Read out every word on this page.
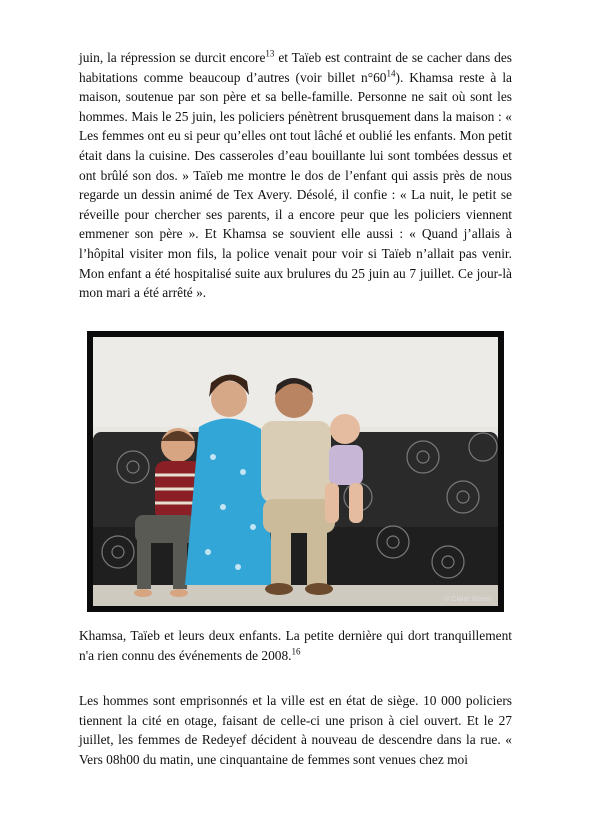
juin, la répression se durcit encore$^{13}$ et Taïeb est contraint de se cacher dans des habitations comme beaucoup d’autres (voir billet $n^\circ 60^{14}$). Khamsa reste à la maison, soutenue par son père et sa belle-famille. Personne ne sait où sont les hommes. Mais le 25 juin, les policiers pénètrent brusquement dans la maison : « Les femmes ont eu si peur qu’elles ont tout lâché et oublié les enfants. Mon petit était dans la cuisine. Des casseroles d’eau bouillante lui sont tombées dessus et ont brûlé son dos. » Taïeb me montre le dos de l’enfant qui assis près de nous regarde un dessin animé de Tex Avery. Désolé, il confie : « La nuit, le petit se réveille pour chercher ses parents, il a encore peur que les policiers viennent emmener son père ». Et Khamsa se souvient elle aussi : « Quand j’allais à l’hôpital visiter mon fils, la police venait pour voir si Taïeb n’allait pas venir. Mon enfant a été hospitalisé suite aux brulures du 25 juin au 7 juillet. Ce jour-là mon mari a été arrêté ».

© Claire Waren

Khamsa, Taïeb et leurs deux enfants. La petite dernière qui dort tranquillement n'a rien connu des événements de 2008.16

Les hommes sont emprisonnés et la ville est en état de siège. 10 000 policiers tiennent la cité en otage, faisant de celle-ci une prison à ciel ouvert. Et le 27 juillet, les femmes de Redeyef décident à nouveau de descendre dans la rue. « Vers 08h00 du matin, une cinquantaine de femmes sont venues chez moi
